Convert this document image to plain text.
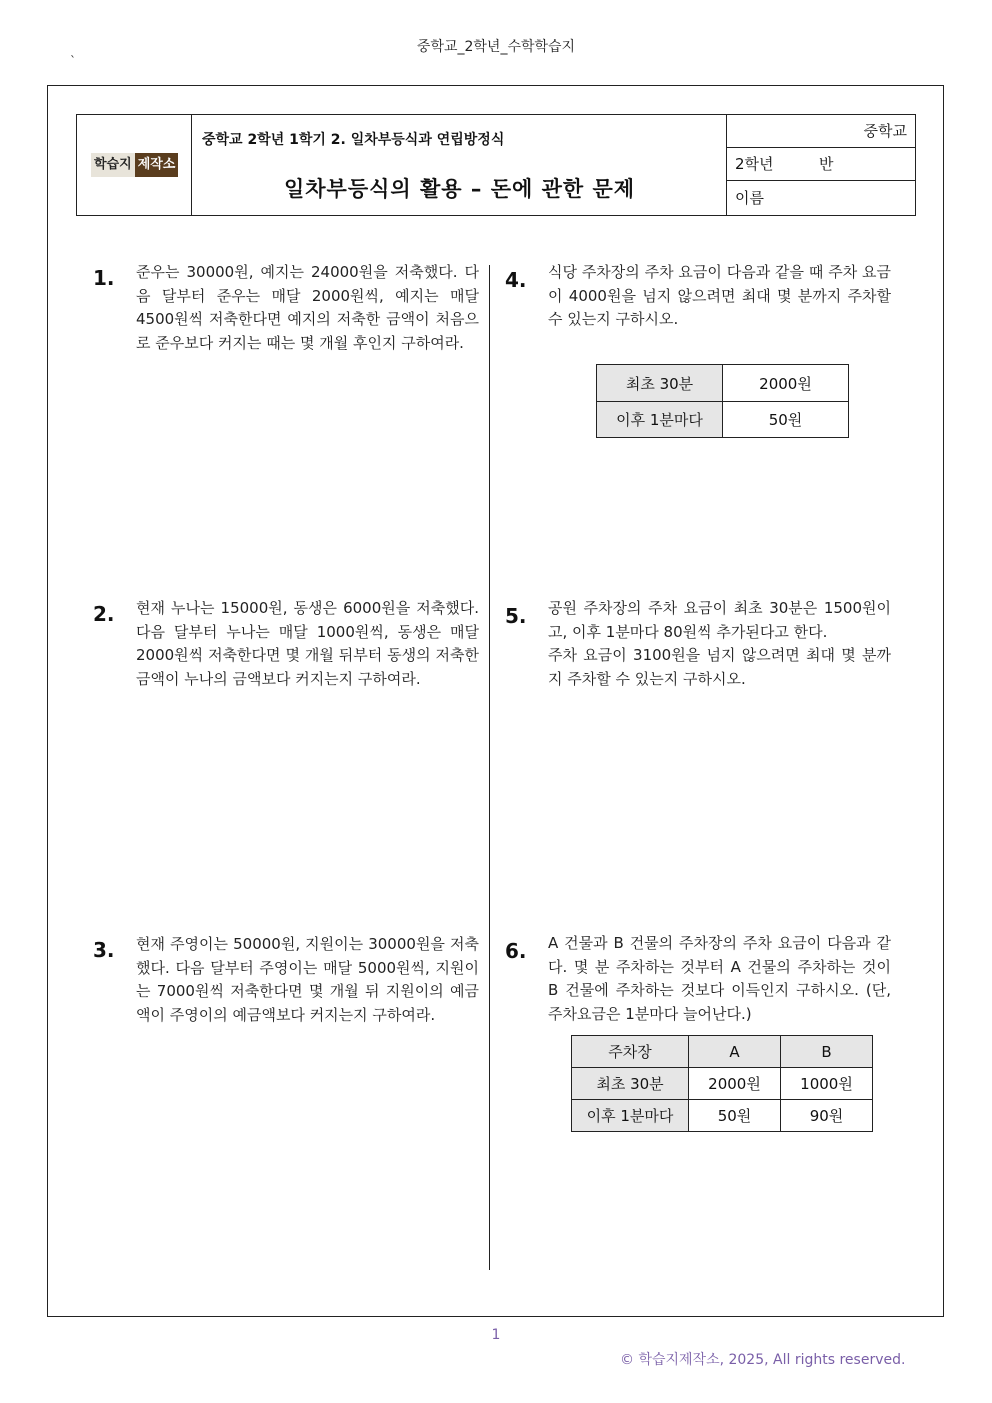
중학교_2학년_수학학습지
`
학습지 제작소
중학교 2학년 1학기 2. 일차부등식과 연립방정식
일차부등식의 활용 – 돈에 관한 문제
중학교
2학년	반
이름
1. 준우는 30000원, 예지는 24000원을 저축했다. 다음 달부터 준우는 매달 2000원씩, 예지는 매달 4500원씩 저축한다면 예지의 저축한 금액이 처음으로 준우보다 커지는 때는 몇 개월 후인지 구하여라.
2. 현재 누나는 15000원, 동생은 6000원을 저축했다. 다음 달부터 누나는 매달 1000원씩, 동생은 매달 2000원씩 저축한다면 몇 개월 뒤부터 동생의 저축한 금액이 누나의 금액보다 커지는지 구하여라.
3. 현재 주영이는 50000원, 지원이는 30000원을 저축했다. 다음 달부터 주영이는 매달 5000원씩, 지원이는 7000원씩 저축한다면 몇 개월 뒤 지원이의 예금액이 주영이의 예금액보다 커지는지 구하여라.
4. 식당 주차장의 주차 요금이 다음과 같을 때 주차 요금이 4000원을 넘지 않으려면 최대 몇 분까지 주차할 수 있는지 구하시오.
최초 30분	2000원
이후 1분마다	50원
5. 공원 주차장의 주차 요금이 최초 30분은 1500원이고, 이후 1분마다 80원씩 추가된다고 한다.
주차 요금이 3100원을 넘지 않으려면 최대 몇 분까지 주차할 수 있는지 구하시오.
6. A 건물과 B 건물의 주차장의 주차 요금이 다음과 같다. 몇 분 주차하는 것부터 A 건물의 주차하는 것이 B 건물에 주차하는 것보다 이득인지 구하시오. (단, 주차요금은 1분마다 늘어난다.)
주차장	A	B
최초 30분	2000원	1000원
이후 1분마다	50원	90원
1
© 학습지제작소, 2025, All rights reserved.
